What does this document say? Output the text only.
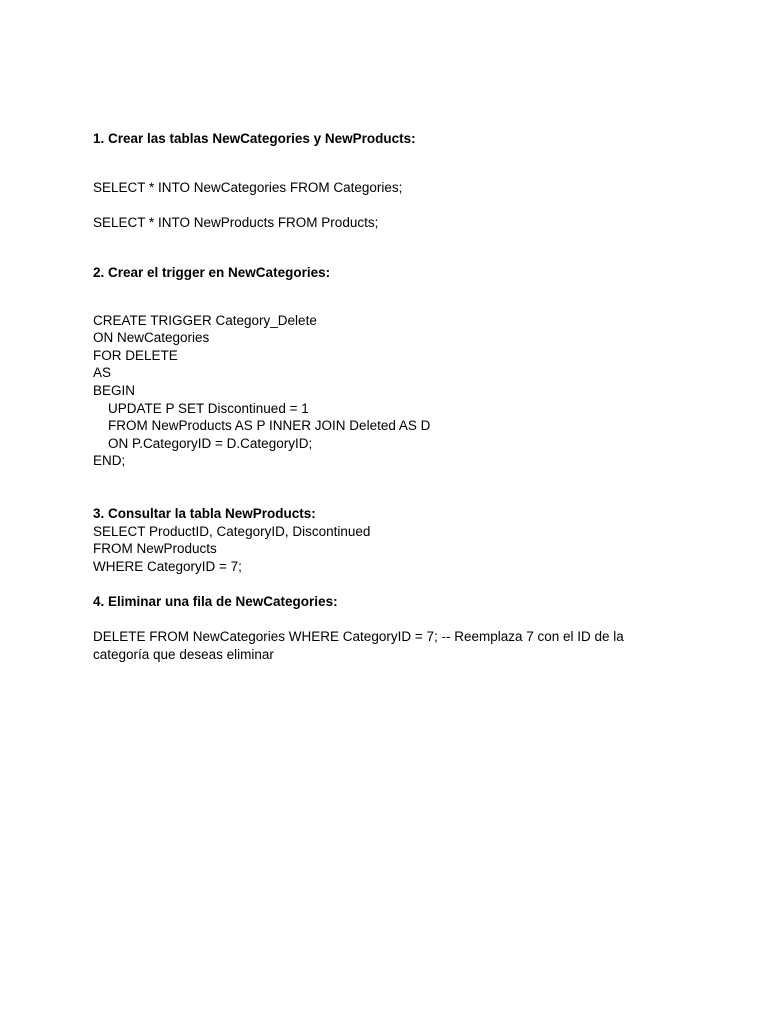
1. Crear las tablas NewCategories y NewProducts:
SELECT * INTO NewCategories FROM Categories;
SELECT * INTO NewProducts FROM Products;
2. Crear el trigger en NewCategories:
CREATE TRIGGER Category_Delete
ON NewCategories
FOR DELETE
AS
BEGIN
UPDATE P SET Discontinued = 1
FROM NewProducts AS P INNER JOIN Deleted AS D
ON P.CategoryID = D.CategoryID;
END;
3. Consultar la tabla NewProducts:
SELECT ProductID, CategoryID, Discontinued
FROM NewProducts
WHERE CategoryID = 7;
4. Eliminar una fila de NewCategories:
DELETE FROM NewCategories WHERE CategoryID = 7; -- Reemplaza 7 con el ID de la categoría que deseas eliminar
